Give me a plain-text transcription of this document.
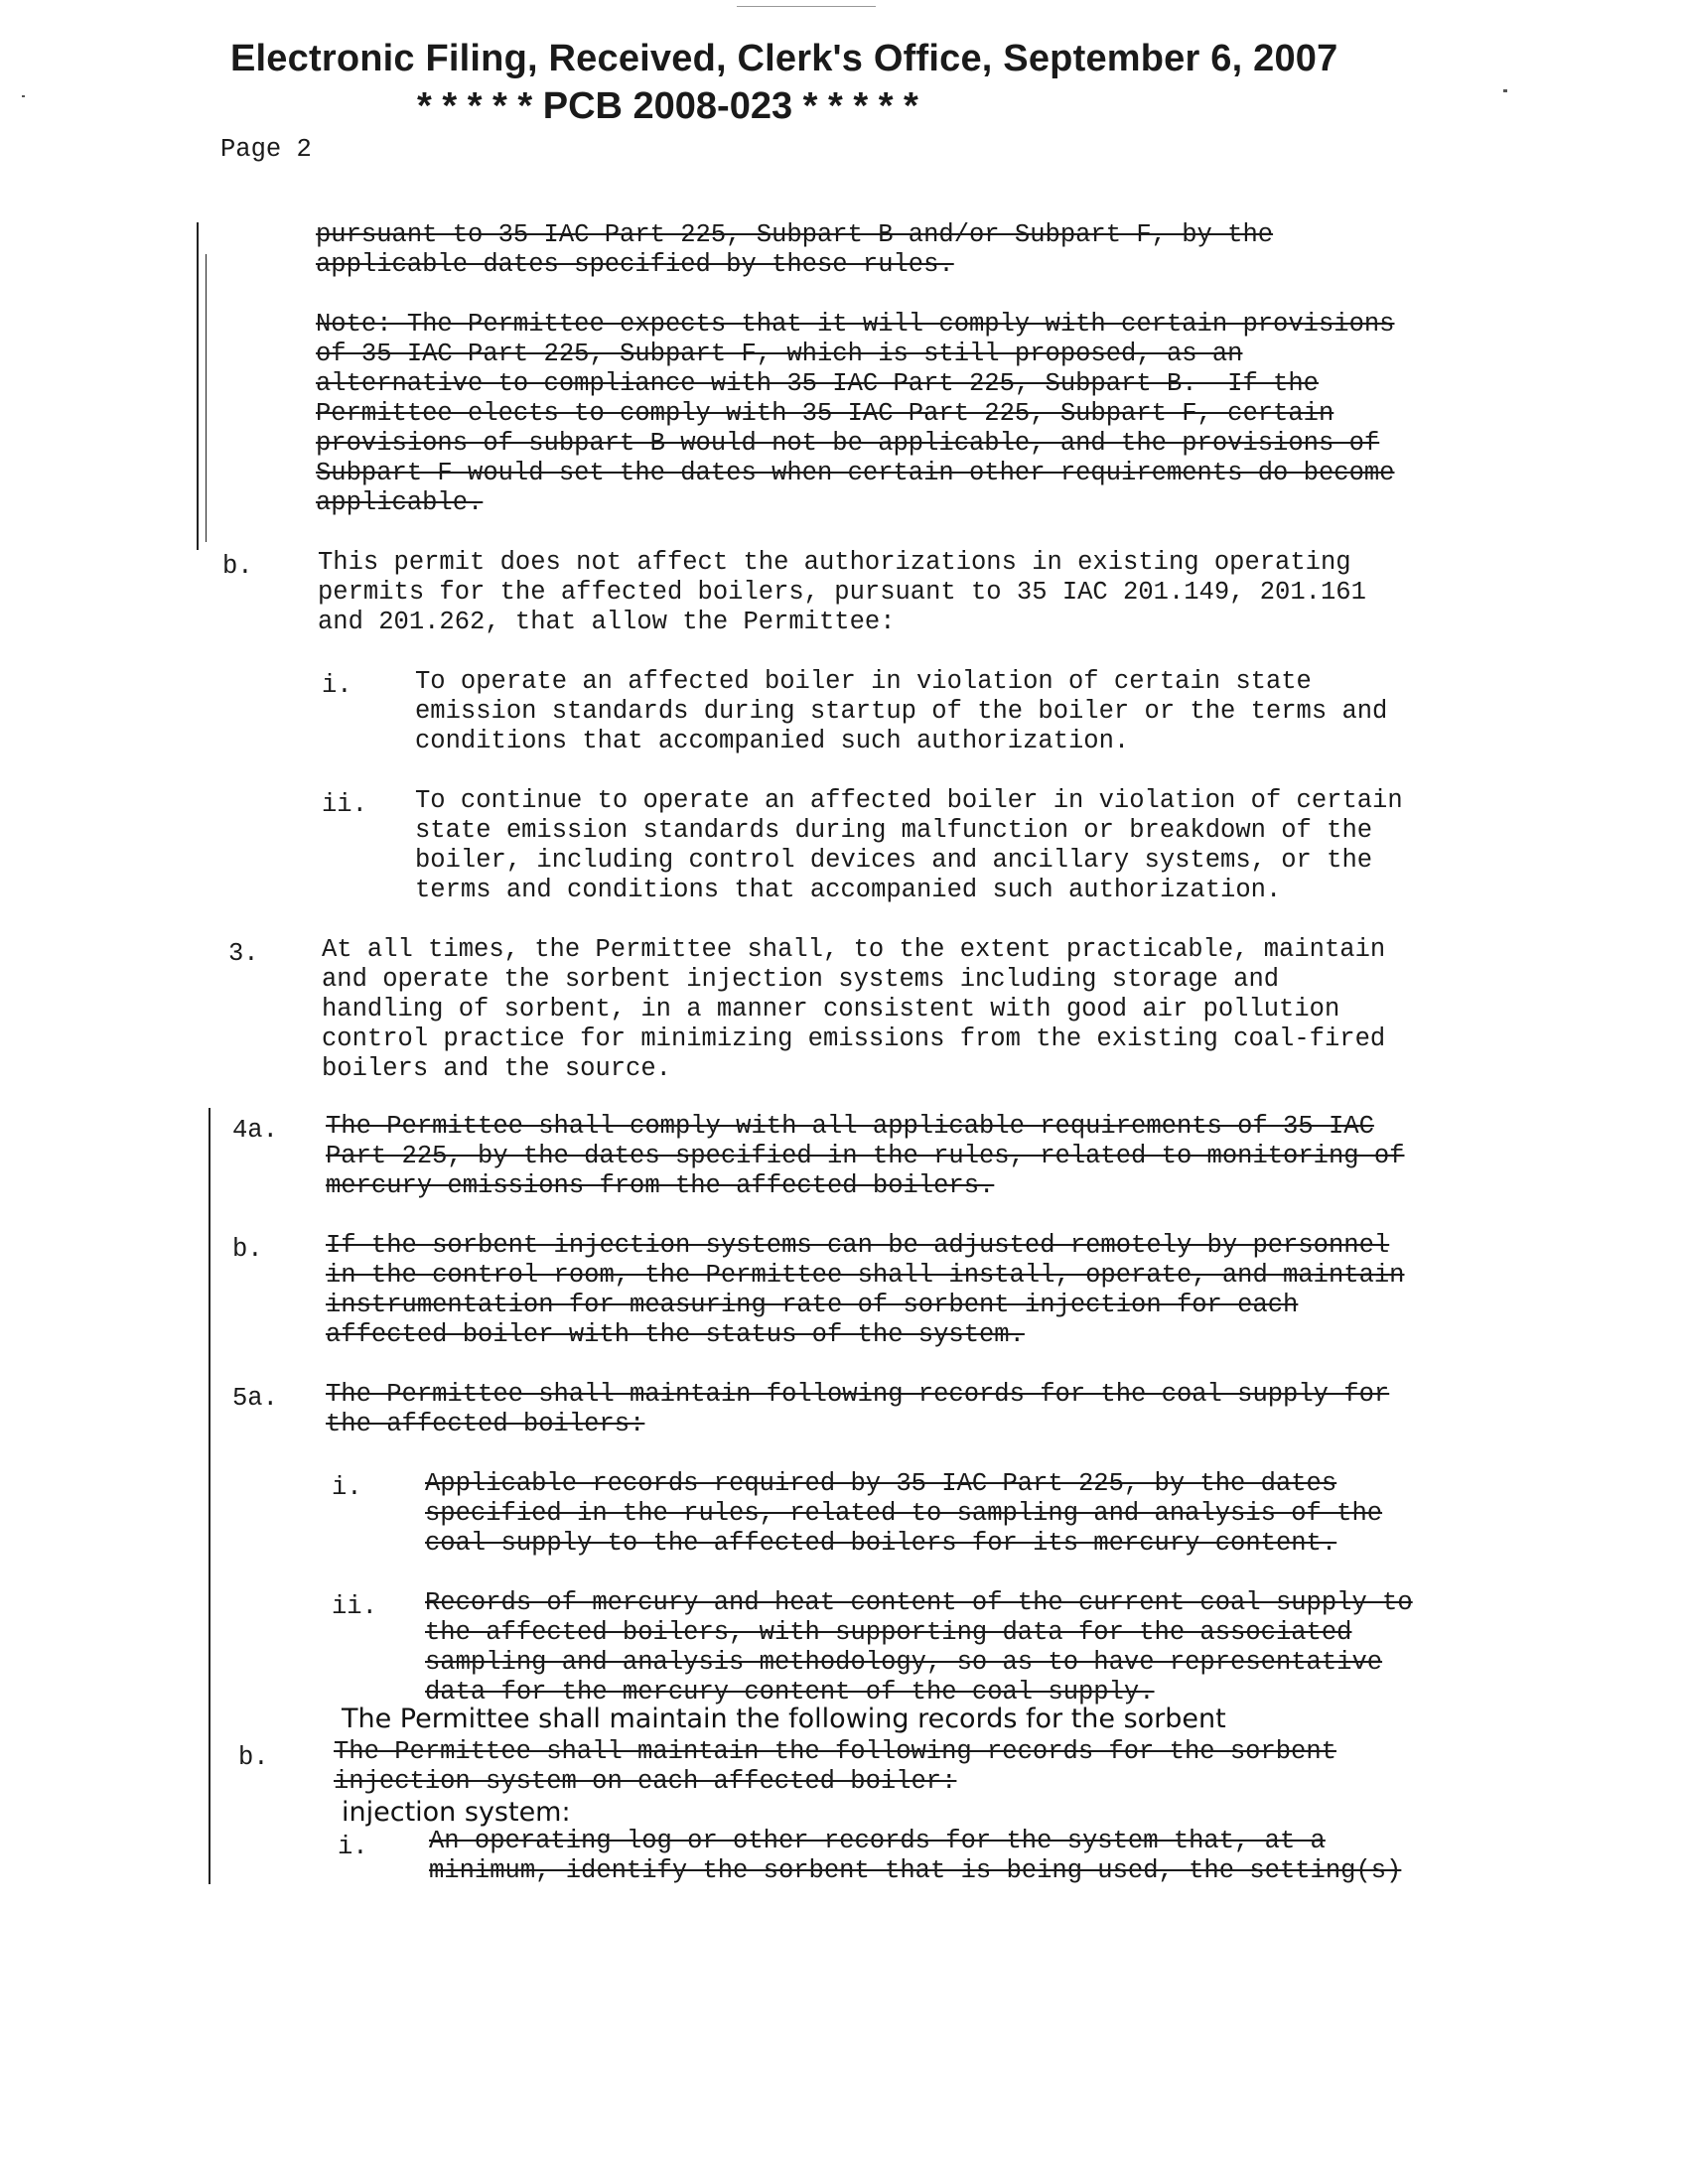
Electronic Filing, Received, Clerk's Office, September 6, 2007
* * * * * PCB 2008-023 * * * * *
Page 2
pursuant to 35 IAC Part 225, Subpart B and/or Subpart F, by the
applicable dates specified by these rules.
Note: The Permittee expects that it will comply with certain provisions
of 35 IAC Part 225, Subpart F, which is still proposed, as an
alternative to compliance with 35 IAC Part 225, Subpart B.  If the
Permittee elects to comply with 35 IAC Part 225, Subpart F, certain
provisions of subpart B would not be applicable, and the provisions of
Subpart F would set the dates when certain other requirements do become
applicable.
b.	This permit does not affect the authorizations in existing operating
permits for the affected boilers, pursuant to 35 IAC 201.149, 201.161
and 201.262, that allow the Permittee:
i. To operate an affected boiler in violation of certain state
emission standards during startup of the boiler or the terms and
conditions that accompanied such authorization.
ii. To continue to operate an affected boiler in violation of certain
state emission standards during malfunction or breakdown of the
boiler, including control devices and ancillary systems, or the
terms and conditions that accompanied such authorization.
3. At all times, the Permittee shall, to the extent practicable, maintain
and operate the sorbent injection systems including storage and
handling of sorbent, in a manner consistent with good air pollution
control practice for minimizing emissions from the existing coal-fired
boilers and the source.
4a. The Permittee shall comply with all applicable requirements of 35 IAC
Part 225, by the dates specified in the rules, related to monitoring of
mercury emissions from the affected boilers.
b. If the sorbent injection systems can be adjusted remotely by personnel
in the control room, the Permittee shall install, operate, and maintain
instrumentation for measuring rate of sorbent injection for each
affected boiler with the status of the system.
5a. The Permittee shall maintain following records for the coal supply for
the affected boilers:
i. Applicable records required by 35 IAC Part 225, by the dates
specified in the rules, related to sampling and analysis of the
coal supply to the affected boilers for its mercury content.
ii. Records of mercury and heat content of the current coal supply to
the affected boilers, with supporting data for the associated
sampling and analysis methodology, so as to have representative
data for the mercury content of the coal supply.
The Permittee shall maintain the following records for the sorbent
b.	The Permittee shall maintain the following records for the sorbent
injection system on each affected boiler:
injection system:
i. An operating log or other records for the system that, at a
minimum, identify the sorbent that is being used, the setting(s)
